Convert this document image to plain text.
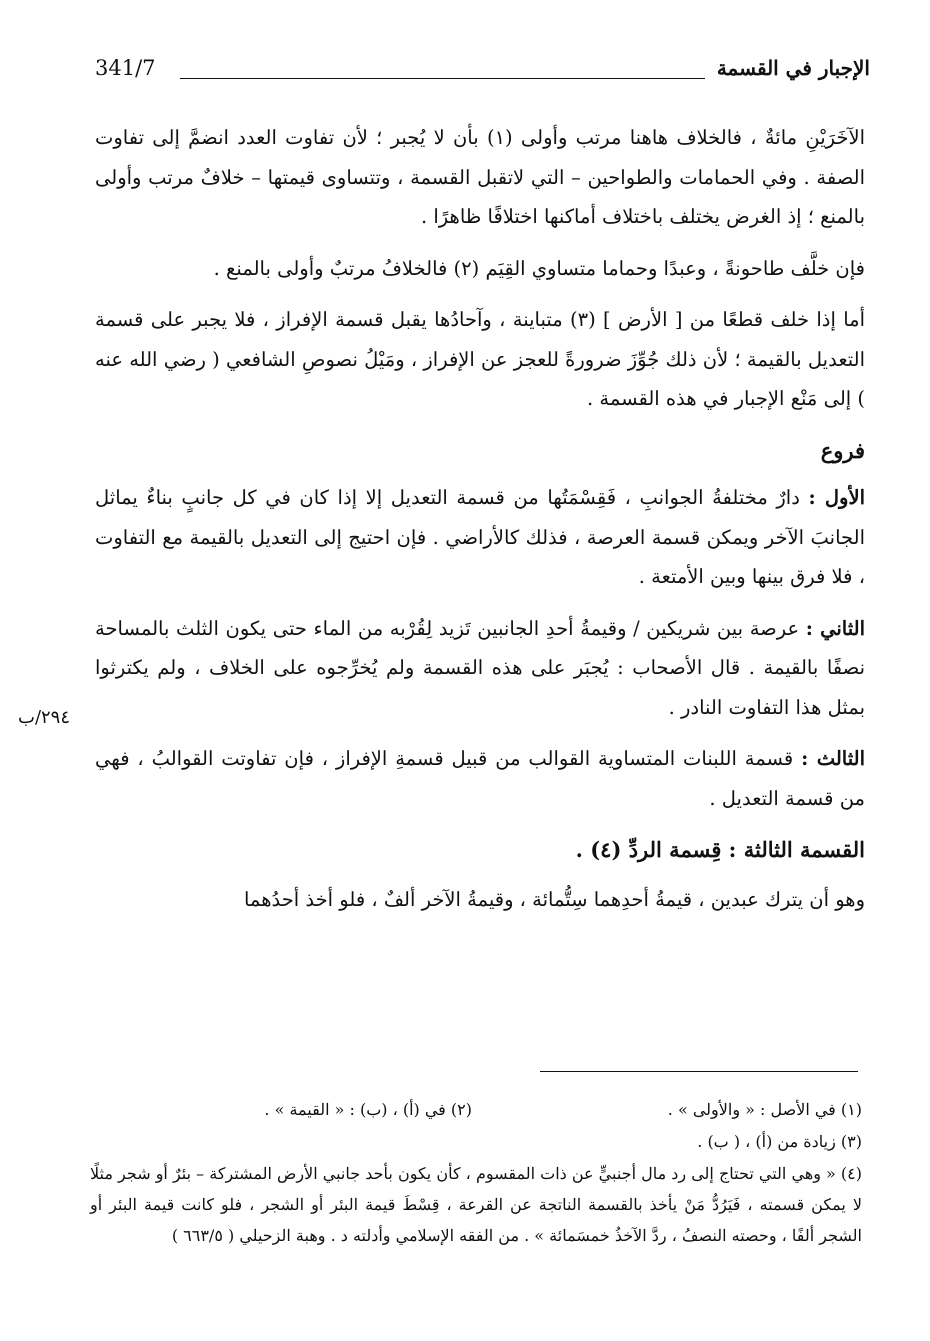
الإجبار في القسمة
341/7

الآخَرَيْنِ مائةٌ ، فالخلاف هاهنا مرتب وأولى (١) بأن لا يُجبر ؛ لأن تفاوت العدد انضمَّ إلى تفاوت الصفة . وفي الحمامات والطواحين – التي لاتقبل القسمة ، وتتساوى قيمتها – خلافٌ مرتب وأولى بالمنع ؛ إذ الغرض يختلف باختلاف أماكنها اختلافًا ظاهرًا .

فإن خلَّف طاحونةً ، وعبدًا وحماما متساوي القِيَم (٢) فالخلافُ مرتبٌ وأولى بالمنع .

أما إذا خلف قطعًا من [ الأرض ] (٣) متباينة ، وآحادُها يقبل قسمة الإفراز ، فلا يجبر على قسمة التعديل بالقيمة ؛ لأن ذلك جُوِّزَ ضرورةً للعجز عن الإفراز ، ومَيْلُ نصوصِ الشافعي ( رضي الله عنه ) إلى مَنْع الإجبار في هذه القسمة .

فروع

الأول : دارٌ مختلفةُ الجوانبِ ، فَقِسْمَتُها من قسمة التعديل إلا إذا كان في كل جانبٍ بناءٌ يماثل الجانبَ الآخر ويمكن قسمة العرصة ، فذلك كالأراضي . فإن احتيج إلى التعديل بالقيمة مع التفاوت ، فلا فرق بينها وبين الأمتعة .

الثاني : عرصة بين شريكين / وقيمةُ أحدِ الجانبين تَزيد لِقُرْبه من الماء حتى يكون الثلث بالمساحة نصفًا بالقيمة . قال الأصحاب : يُجبَر على هذه القسمة ولم يُخرِّجوه على الخلاف ، ولم يكترثوا بمثل هذا التفاوت النادر .

الثالث : قسمة اللبنات المتساوية القوالب من قبيل قسمةِ الإفراز ، فإن تفاوتت القوالبُ ، فهي من قسمة التعديل .

القسمة الثالثة : قِسمة الردِّ (٤) .

وهو أن يترك عبدين ، قيمةُ أحدِهما سِتُّمائة ، وقيمةُ الآخر ألفٌ ، فلو أخذ أحدُهما

٢٩٤/ب
(١) في الأصل : « والأولى » .
(٢) في (أ) ، (ب) : « القيمة » .
(٣) زيادة من (أ) ، ( ب) .
(٤) « وهي التي تحتاج إلى رد مال أجنبيٍّ عن ذات المقسوم ، كأن يكون بأحد جانبي الأرض المشتركة – بئرٌ أو شجر مثلًا لا يمكن قسمته ، فَيَرُدُّ مَنْ يأخذ بالقسمة الناتجة عن القرعة ، قِسْطَ قيمة البئر أو الشجر ، فلو كانت قيمة البئر أو الشجر ألفًا ، وحصته النصفُ ، ردَّ الآخذُ خمسَمائة » . من الفقه الإسلامي وأدلته د . وهبة الزحيلي ( ٦٦٣/٥ )
